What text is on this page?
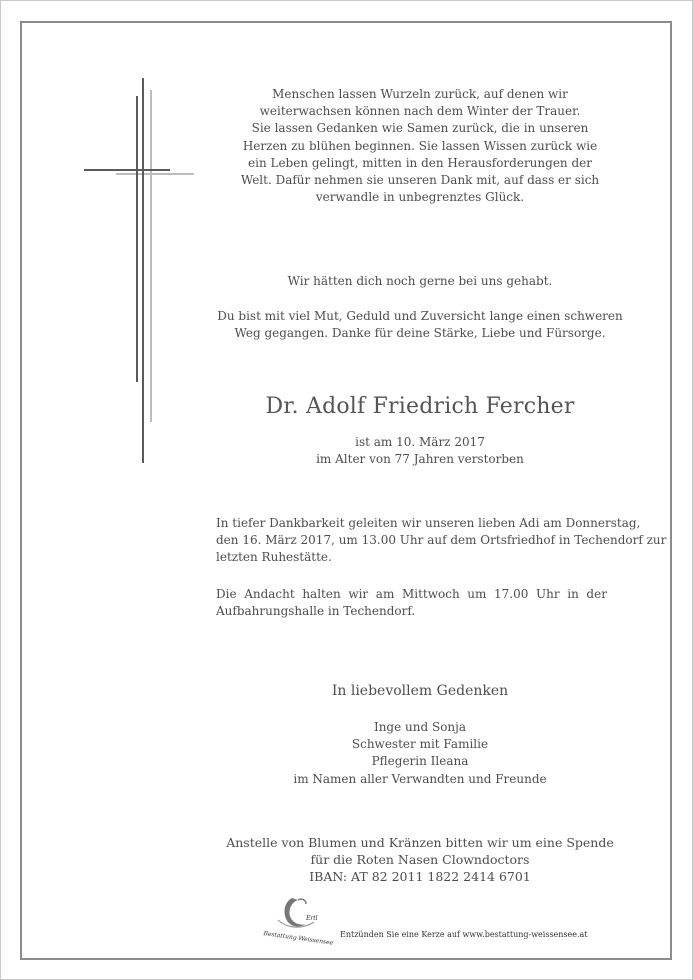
Menschen lassen Wurzeln zurück, auf denen wir
weiterwachsen können nach dem Winter der Trauer.
Sie lassen Gedanken wie Samen zurück, die in unseren
Herzen zu blühen beginnen. Sie lassen Wissen zurück wie
ein Leben gelingt, mitten in den Herausforderungen der
Welt. Dafür nehmen sie unseren Dank mit, auf dass er sich
verwandle in unbegrenztes Glück.
Wir hätten dich noch gerne bei uns gehabt.
Du bist mit viel Mut, Geduld und Zuversicht lange einen schweren
Weg gegangen. Danke für deine Stärke, Liebe und Fürsorge.
Dr. Adolf Friedrich Fercher
ist am 10. März 2017
im Alter von 77 Jahren verstorben
In tiefer Dankbarkeit geleiten wir unseren lieben Adi am Donnerstag,
den 16. März 2017, um 13.00 Uhr auf dem Ortsfriedhof in Techendorf zur
letzten Ruhestätte.
Die  Andacht  halten  wir  am  Mittwoch  um  17.00  Uhr  in  der
Aufbahrungshalle in Techendorf.
In liebevollem Gedenken
Inge und Sonja
Schwester mit Familie
Pflegerin Ileana
im Namen aller Verwandten und Freunde
Anstelle von Blumen und Kränzen bitten wir um eine Spende
für die Roten Nasen Clowndoctors
IBAN: AT 82 2011 1822 2414 6701
Ertl
Bestattung Weissensee Entzünden Sie eine Kerze auf www.bestattung-weissensee.at
